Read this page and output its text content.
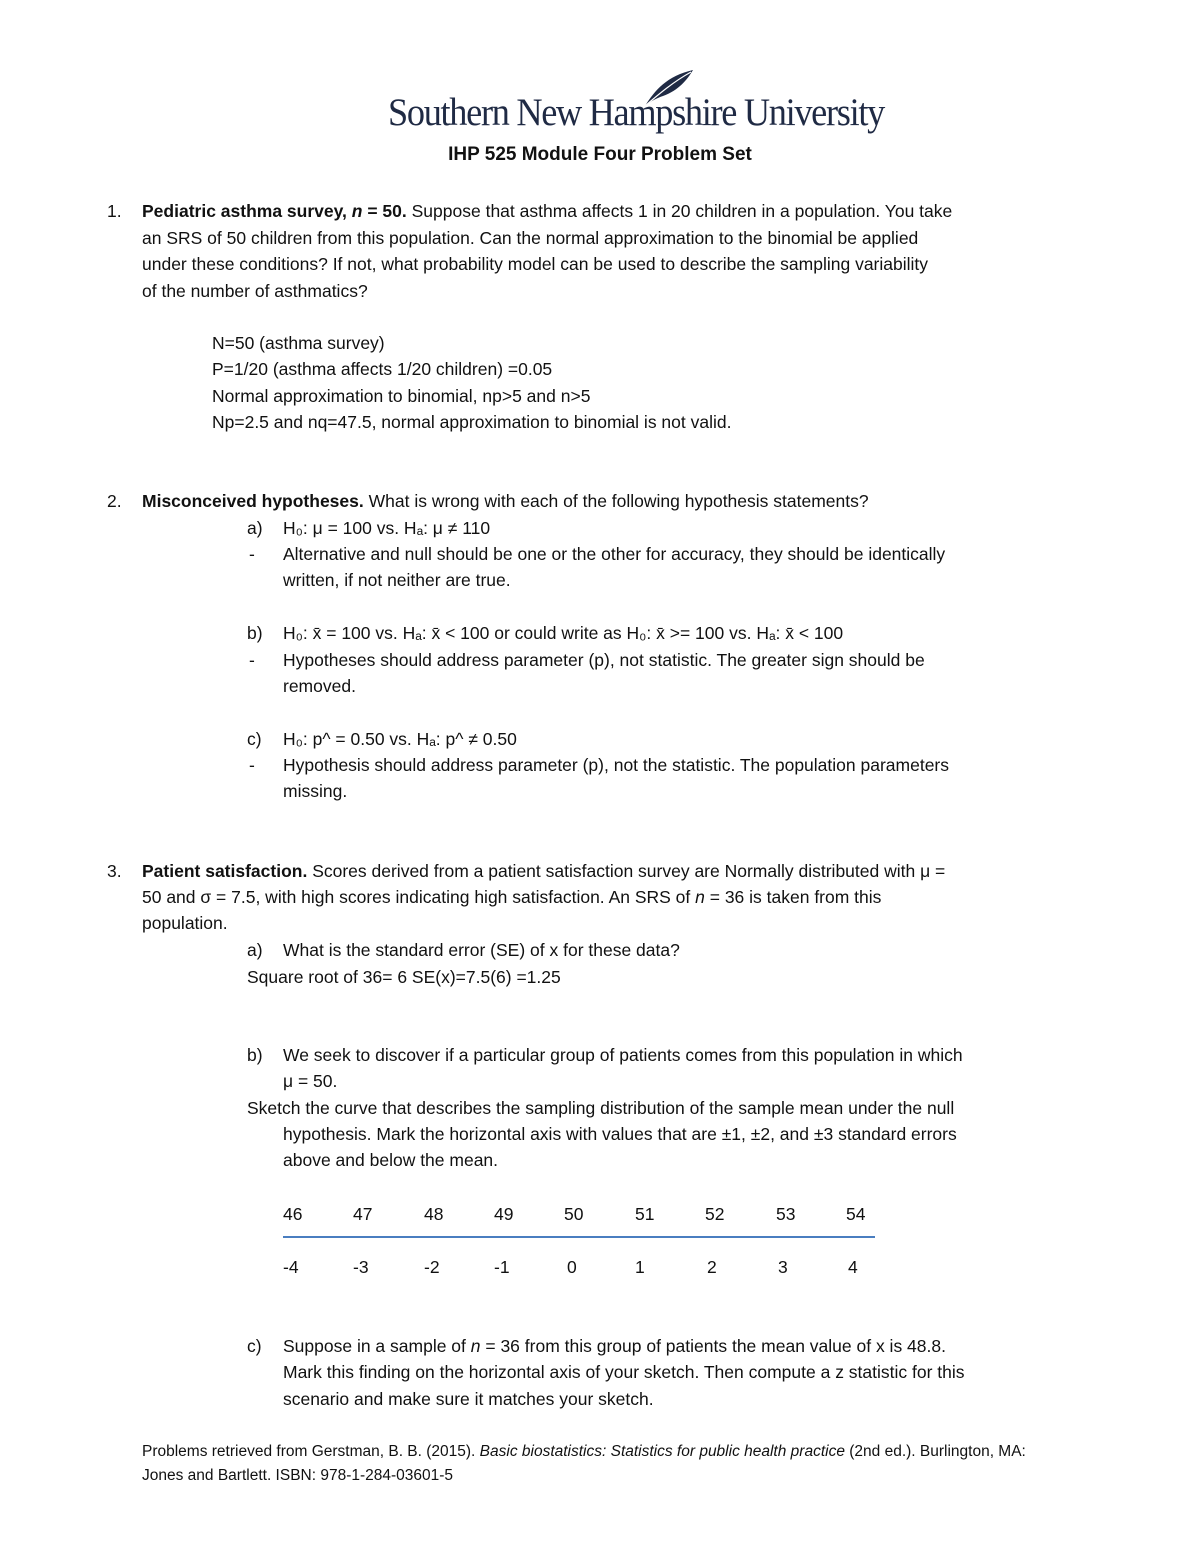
Southern New Hampshire University
IHP 525 Module Four Problem Set
1.	Pediatric asthma survey, n = 50. Suppose that asthma affects 1 in 20 children in a population. You take
an SRS of 50 children from this population. Can the normal approximation to the binomial be applied
under these conditions? If not, what probability model can be used to describe the sampling variability
of the number of asthmatics?
N=50 (asthma survey)
P=1/20 (asthma affects 1/20 children) =0.05
Normal approximation to binomial, np>5 and n>5
Np=2.5 and nq=47.5, normal approximation to binomial is not valid.
2.	Misconceived hypotheses. What is wrong with each of the following hypothesis statements?
a) H₀: μ = 100 vs. Hₐ: μ ≠ 110
- Alternative and null should be one or the other for accuracy, they should be identically
written, if not neither are true.
b) H₀: x̄ = 100 vs. Hₐ: x̄ < 100 or could write as H₀: x̄ >= 100 vs. Hₐ: x̄ < 100
- Hypotheses should address parameter (p), not statistic. The greater sign should be
removed.
c) H₀: p^ = 0.50 vs. Hₐ: p^ ≠ 0.50
- Hypothesis should address parameter (p), not the statistic. The population parameters
missing.
3.	Patient satisfaction. Scores derived from a patient satisfaction survey are Normally distributed with μ =
50 and σ = 7.5, with high scores indicating high satisfaction. An SRS of n = 36 is taken from this
population.
a) What is the standard error (SE) of x for these data?
Square root of 36= 6 SE(x)=7.5(6) =1.25
b) We seek to discover if a particular group of patients comes from this population in which
μ = 50.
Sketch the curve that describes the sampling distribution of the sample mean under the null
hypothesis. Mark the horizontal axis with values that are ±1, ±2, and ±3 standard errors
above and below the mean.
46	47	48	49	50	51	52	53	54
-4	-3	-2	-1	0	1	2	3	4
c) Suppose in a sample of n = 36 from this group of patients the mean value of x is 48.8.
Mark this finding on the horizontal axis of your sketch. Then compute a z statistic for this
scenario and make sure it matches your sketch.
Problems retrieved from Gerstman, B. B. (2015). Basic biostatistics: Statistics for public health practice (2nd ed.). Burlington, MA:
Jones and Bartlett. ISBN: 978-1-284-03601-5
